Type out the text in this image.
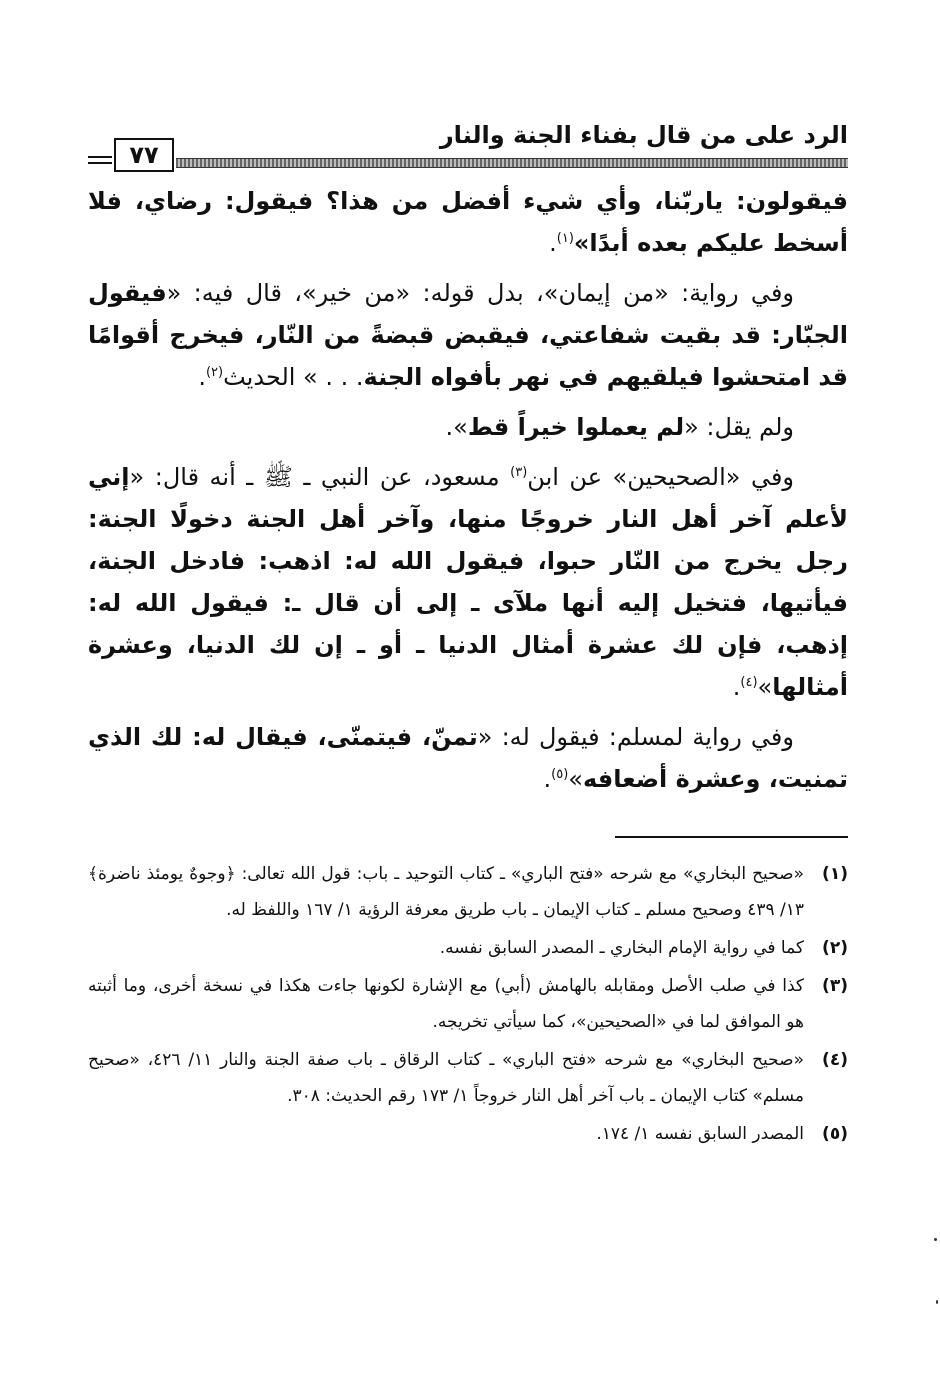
الرد على من قال بفناء الجنة والنار
٧٧

فيقولون: ياربّنا، وأي شيء أفضل من هذا؟ فيقول: رضاي، فلا أسخط عليكم بعده أبدًا»$^{(١)}$.

وفي رواية: «من إيمان»، بدل قوله: «من خير»، قال فيه: «فيقول الجبّار: قد بقيت شفاعتي، فيقبض قبضةً من النّار، فيخرج أقوامًا قد امتحشوا فيلقيهم في نهر بأفواه الجنة. . . » الحديث$^{(٢)}$.

ولم يقل: «لم يعملوا خيراً قط».

وفي «الصحيحين» عن ابن$^{(٣)}$ مسعود، عن النبي ـ ﷺ ـ أنه قال: «إني لأعلم آخر أهل النار خروجًا منها، وآخر أهل الجنة دخولًا الجنة: رجل يخرج من النّار حبوا، فيقول الله له: اذهب: فادخل الجنة، فيأتيها، فتخيل إليه أنها ملآى ـ إلى أن قال ـ: فيقول الله له: إذهب، فإن لك عشرة أمثال الدنيا ـ أو ـ إن لك الدنيا، وعشرة أمثالها»$^{(٤)}$.

وفي رواية لمسلم: فيقول له: «تمنّ، فيتمنّى، فيقال له: لك الذي تمنيت، وعشرة أضعافه»$^{(٥)}$.

(١)
«صحيح البخاري» مع شرحه «فتح الباري» ـ كتاب التوحيد ـ باب: قول الله تعالى: ﴿وجوهٌ يومئذ ناضرة﴾ ١٣/ ٤٣٩ وصحيح مسلم ـ كتاب الإيمان ـ باب طريق معرفة الرؤية ١/ ١٦٧ واللفظ له.
(٢)
كما في رواية الإمام البخاري ـ المصدر السابق نفسه.
(٣)
كذا في صلب الأصل ومقابله بالهامش (أبي) مع الإشارة لكونها جاءت هكذا في نسخة أخرى، وما أثبته هو الموافق لما في «الصحيحين»، كما سيأتي تخريجه.
(٤)
«صحيح البخاري» مع شرحه «فتح الباري» ـ كتاب الرقاق ـ باب صفة الجنة والنار ١١/ ٤٢٦، «صحيح مسلم» كتاب الإيمان ـ باب آخر أهل النار خروجاً ١/ ١٧٣ رقم الحديث: ٣٠٨.
(٥)
المصدر السابق نفسه ١/ ١٧٤.
